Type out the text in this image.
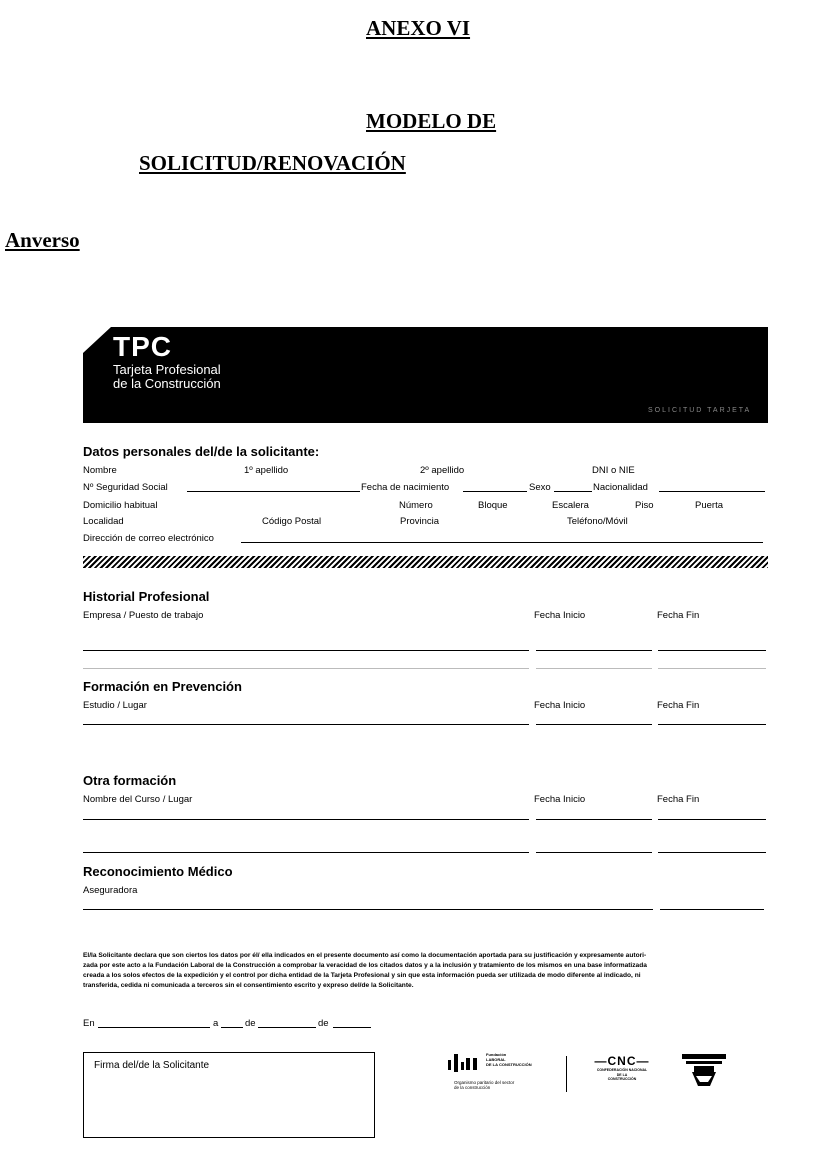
ANEXO VI
MODELO DE
SOLICITUD/RENOVACIÓN
Anverso
TPC
Tarjeta Profesional
de la Construcción
SOLICITUD TARJETA
Datos personales del/de la solicitante:
Nombre	1º apellido	2º apellido	DNI o NIE
Nº Seguridad Social	Fecha de nacimiento	Sexo	Nacionalidad
Domicilio habitual	Número	Bloque	Escalera	Piso	Puerta
Localidad	Código Postal	Provincia	Teléfono/Móvil
Dirección de correo electrónico
Historial Profesional
Empresa / Puesto de trabajo	Fecha Inicio	Fecha Fin
Formación en Prevención
Estudio / Lugar	Fecha Inicio	Fecha Fin
Otra formación
Nombre del Curso / Lugar	Fecha Inicio	Fecha Fin
Reconocimiento Médico
Aseguradora
El/la Solicitante declara que son ciertos los datos por él/ ella indicados en el presente documento así como la documentación aportada para su justificación y expresamente autori-
zada por este acto a la Fundación Laboral de la Construcción a comprobar la veracidad de los citados datos y a la inclusión y tratamiento de los mismos en una base informatizada
creada a los solos efectos de la expedición y el control por dicha entidad de la Tarjeta Profesional y sin que esta información pueda ser utilizada de modo diferente al indicado, ni
transferida, cedida ni comunicada a terceros sin el consentimiento escrito y expreso del/de la Solicitante.
En	a	de	de
Firma del/de la Solicitante
Fundación
LABORAL
DE LA CONSTRUCCIÓN
Organismo paritario del sector
de la construcción
—CNC—
CONFEDERACIÓN NACIONAL
DE LA
CONSTRUCCIÓN
